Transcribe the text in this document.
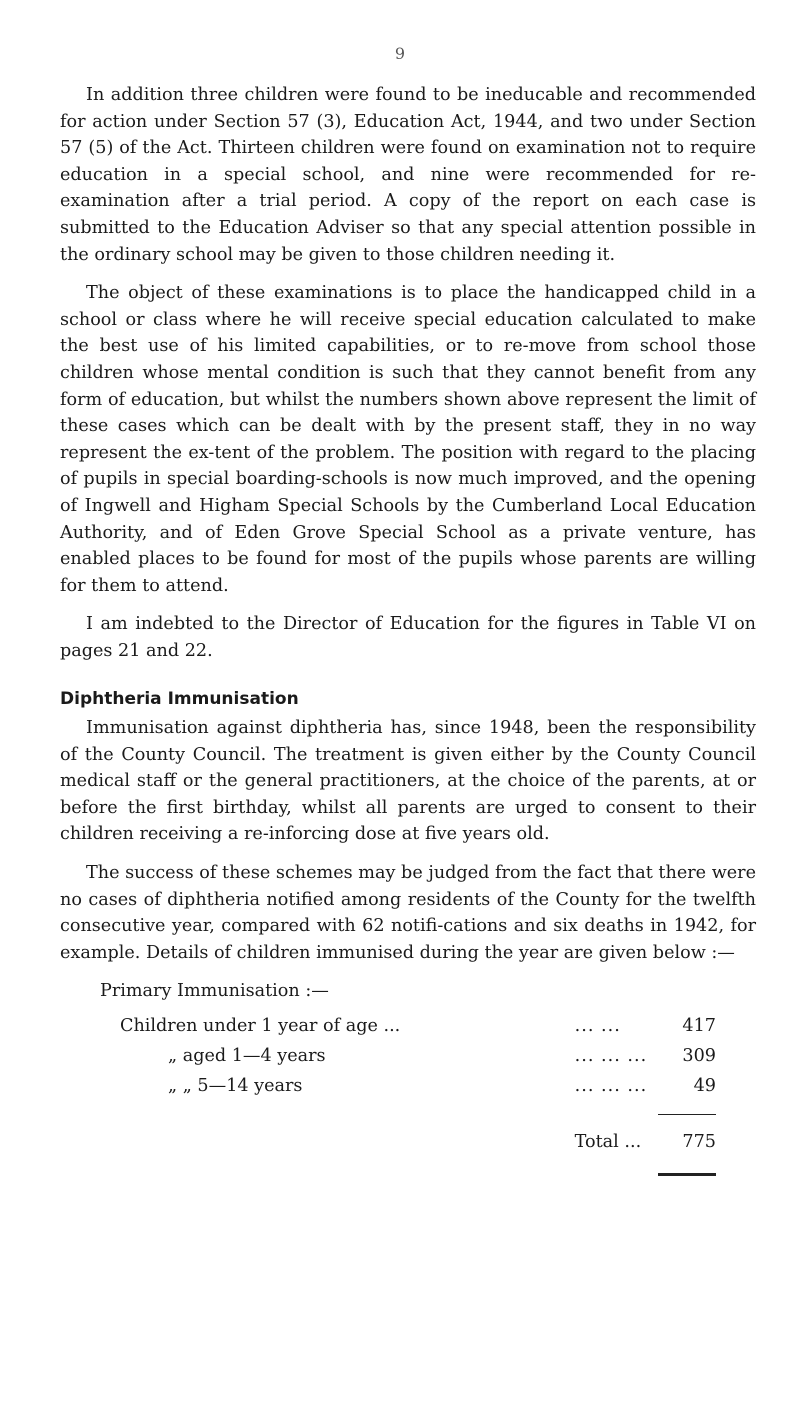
9

In addition three children were found to be ineducable and recommended for action under Section 57 (3), Education Act, 1944, and two under Section 57 (5) of the Act. Thirteen children were found on examination not to require education in a special school, and nine were recommended for re-examination after a trial period. A copy of the report on each case is submitted to the Education Adviser so that any special attention possible in the ordinary school may be given to those children needing it.

The object of these examinations is to place the handicapped child in a school or class where he will receive special education calculated to make the best use of his limited capabilities, or to re-move from school those children whose mental condition is such that they cannot benefit from any form of education, but whilst the numbers shown above represent the limit of these cases which can be dealt with by the present staff, they in no way represent the ex-tent of the problem. The position with regard to the placing of pupils in special boarding-schools is now much improved, and the opening of Ingwell and Higham Special Schools by the Cumberland Local Education Authority, and of Eden Grove Special School as a private venture, has enabled places to be found for most of the pupils whose parents are willing for them to attend.

I am indebted to the Director of Education for the figures in Table VI on pages 21 and 22.

Diphtheria Immunisation

Immunisation against diphtheria has, since 1948, been the responsibility of the County Council. The treatment is given either by the County Council medical staff or the general practitioners, at the choice of the parents, at or before the first birthday, whilst all parents are urged to consent to their children receiving a re-inforcing dose at five years old.

The success of these schemes may be judged from the fact that there were no cases of diphtheria notified among residents of the County for the twelfth consecutive year, compared with 62 notifi-cations and six deaths in 1942, for example. Details of children immunised during the year are given below :—

Primary Immunisation :—
Children under 1 year of age ...	... ...	417
„ aged 1—4 years	... ... ...	309
„ „ 5—14 years	... ... ...	49

	Total ...	775
